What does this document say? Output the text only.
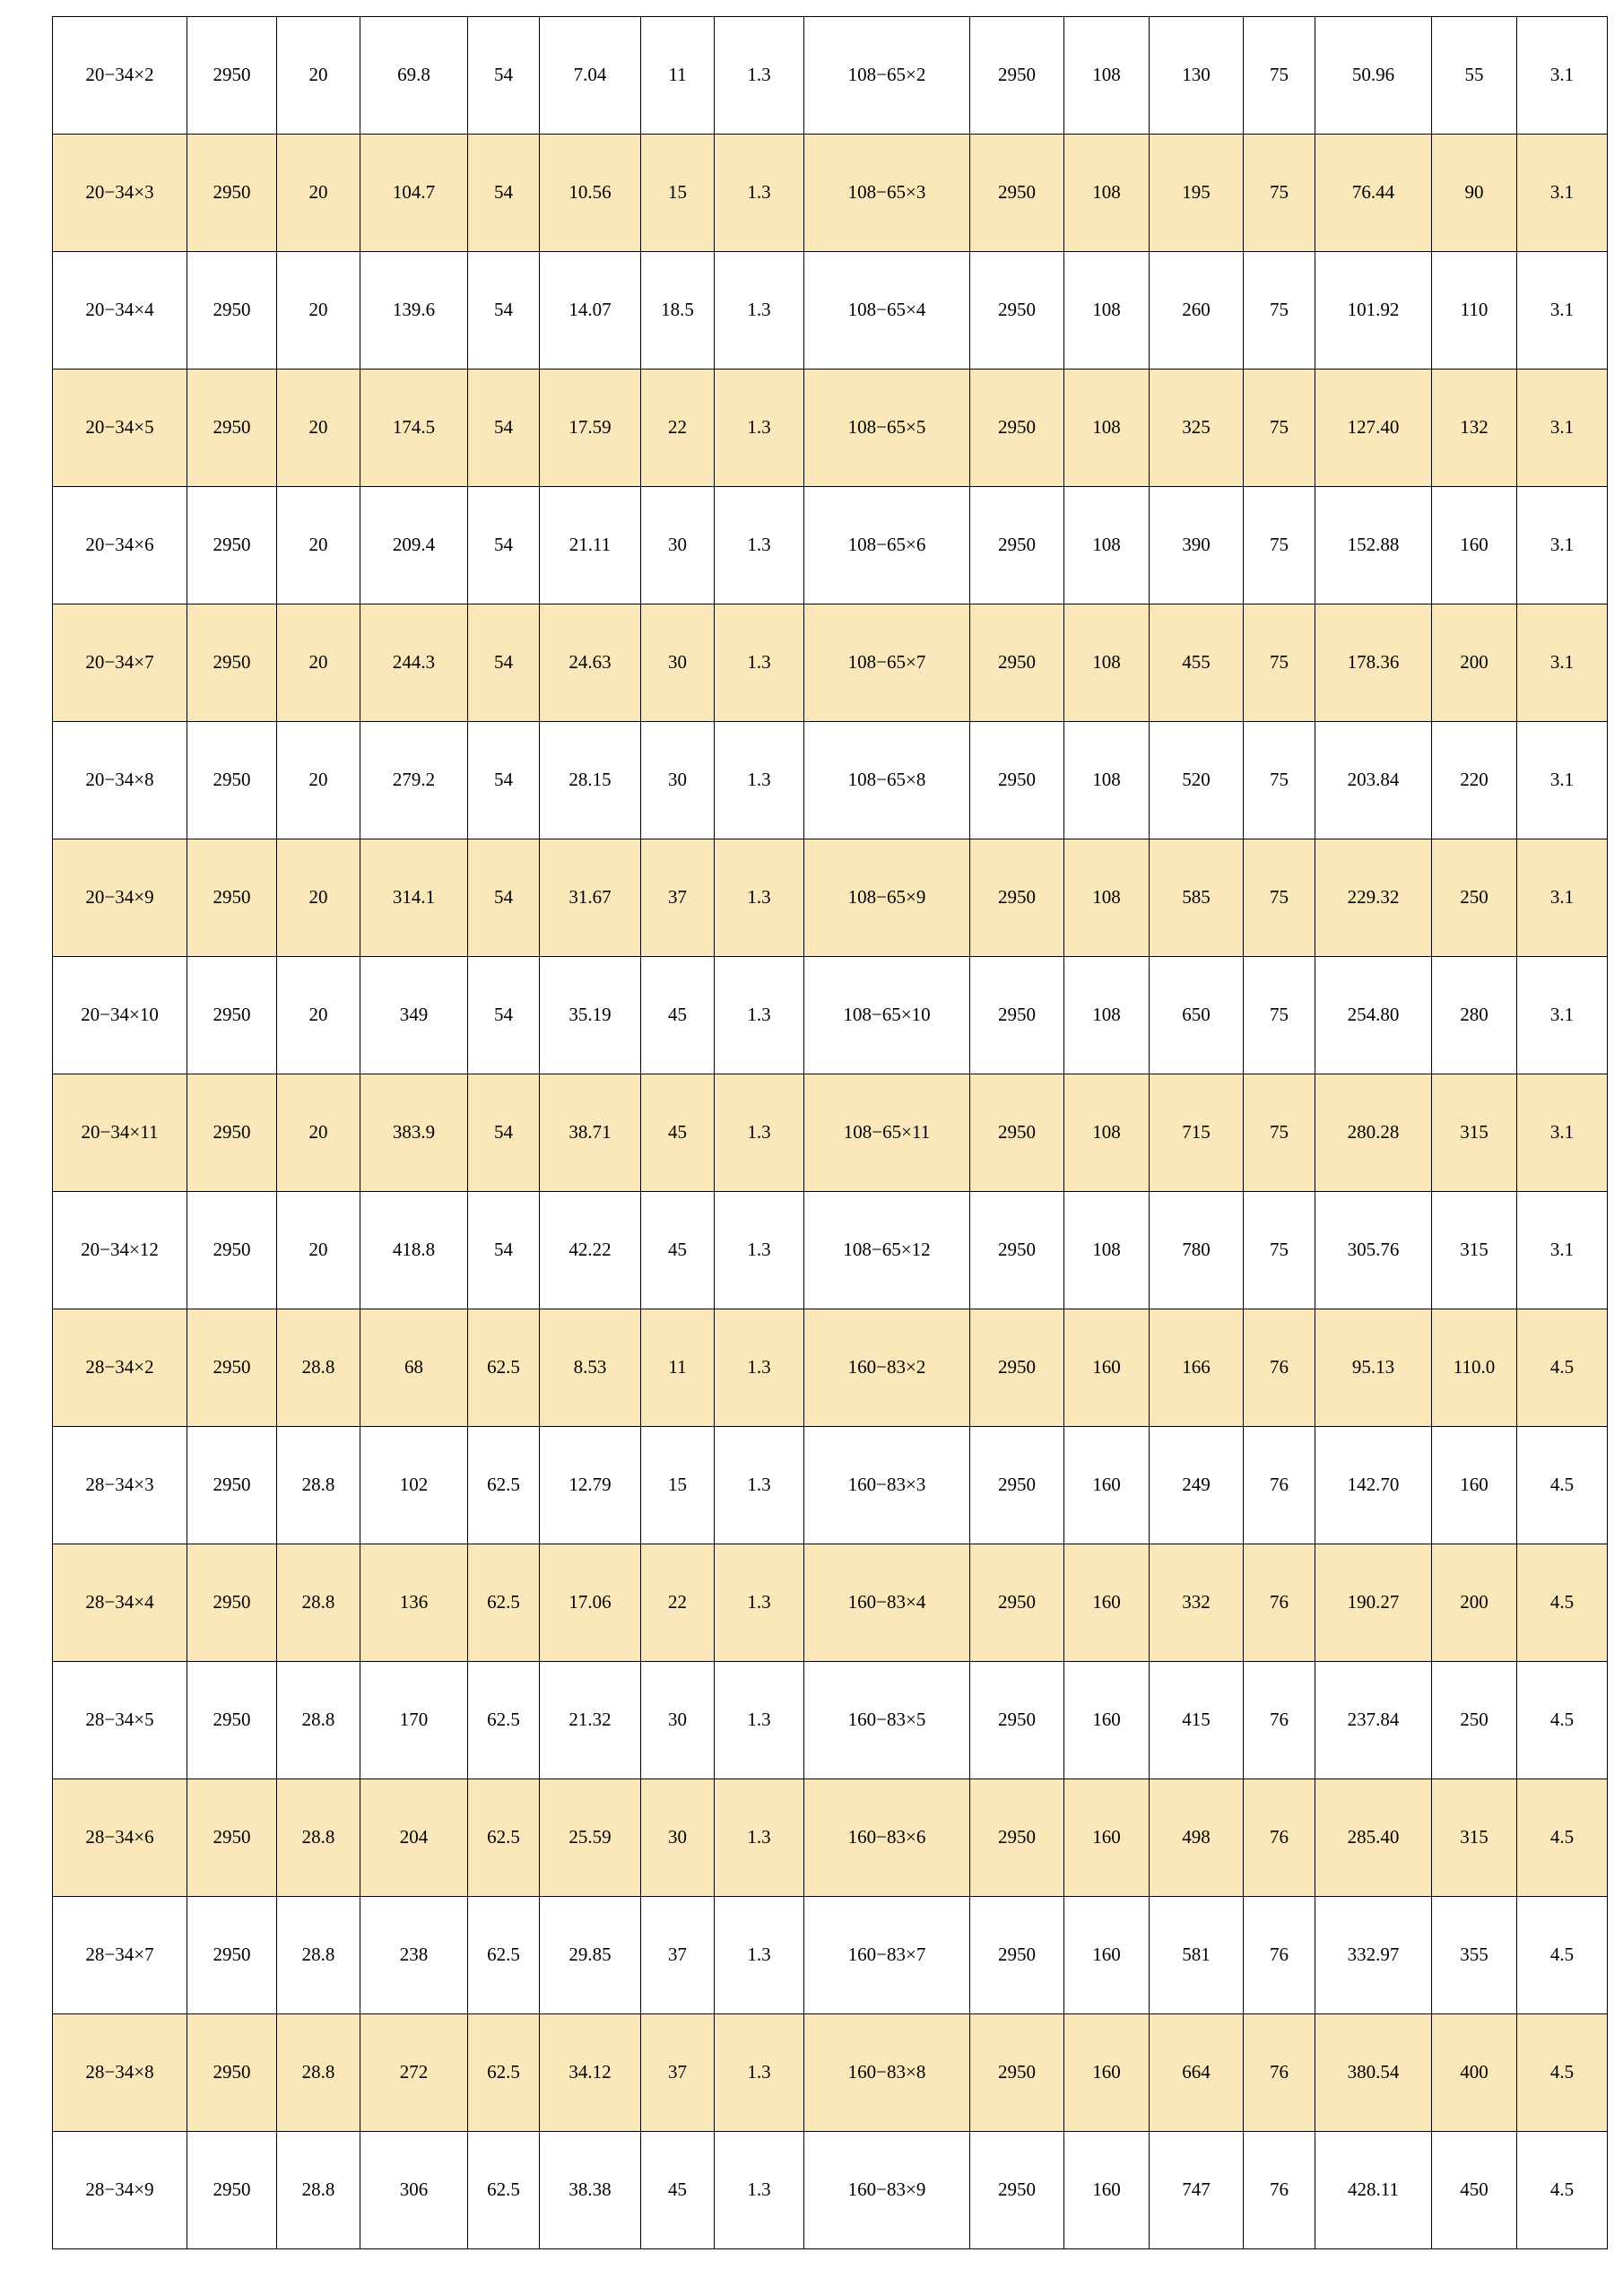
20−34×2	2950	20	69.8	54	7.04	11	1.3	108−65×2	2950	108	130	75	50.96	55	3.1
20−34×3	2950	20	104.7	54	10.56	15	1.3	108−65×3	2950	108	195	75	76.44	90	3.1
20−34×4	2950	20	139.6	54	14.07	18.5	1.3	108−65×4	2950	108	260	75	101.92	110	3.1
20−34×5	2950	20	174.5	54	17.59	22	1.3	108−65×5	2950	108	325	75	127.40	132	3.1
20−34×6	2950	20	209.4	54	21.11	30	1.3	108−65×6	2950	108	390	75	152.88	160	3.1
20−34×7	2950	20	244.3	54	24.63	30	1.3	108−65×7	2950	108	455	75	178.36	200	3.1
20−34×8	2950	20	279.2	54	28.15	30	1.3	108−65×8	2950	108	520	75	203.84	220	3.1
20−34×9	2950	20	314.1	54	31.67	37	1.3	108−65×9	2950	108	585	75	229.32	250	3.1
20−34×10	2950	20	349	54	35.19	45	1.3	108−65×10	2950	108	650	75	254.80	280	3.1
20−34×11	2950	20	383.9	54	38.71	45	1.3	108−65×11	2950	108	715	75	280.28	315	3.1
20−34×12	2950	20	418.8	54	42.22	45	1.3	108−65×12	2950	108	780	75	305.76	315	3.1
28−34×2	2950	28.8	68	62.5	8.53	11	1.3	160−83×2	2950	160	166	76	95.13	110.0	4.5
28−34×3	2950	28.8	102	62.5	12.79	15	1.3	160−83×3	2950	160	249	76	142.70	160	4.5
28−34×4	2950	28.8	136	62.5	17.06	22	1.3	160−83×4	2950	160	332	76	190.27	200	4.5
28−34×5	2950	28.8	170	62.5	21.32	30	1.3	160−83×5	2950	160	415	76	237.84	250	4.5
28−34×6	2950	28.8	204	62.5	25.59	30	1.3	160−83×6	2950	160	498	76	285.40	315	4.5
28−34×7	2950	28.8	238	62.5	29.85	37	1.3	160−83×7	2950	160	581	76	332.97	355	4.5
28−34×8	2950	28.8	272	62.5	34.12	37	1.3	160−83×8	2950	160	664	76	380.54	400	4.5
28−34×9	2950	28.8	306	62.5	38.38	45	1.3	160−83×9	2950	160	747	76	428.11	450	4.5
